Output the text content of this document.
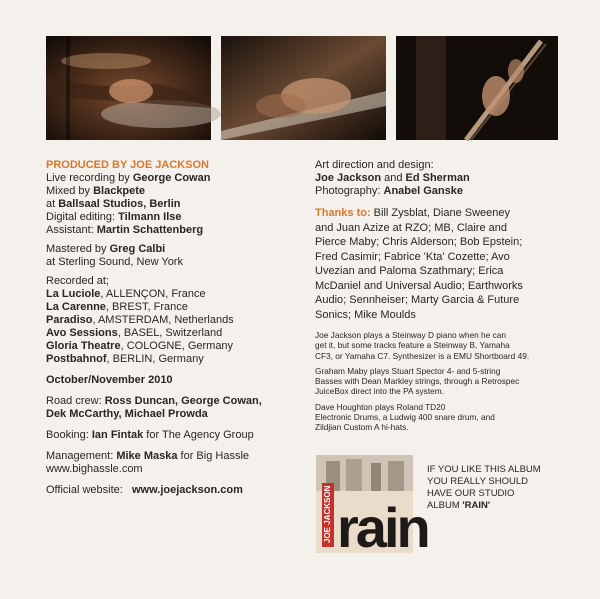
PRODUCED BY JOE JACKSON
Live recording by George Cowan
Mixed by Blackpete
at Ballsaal Studios, Berlin
Digital editing: Tilmann Ilse
Assistant: Martin Schattenberg
Mastered by Greg Calbi
at Sterling Sound, New York
Recorded at;
La Luciole, ALLENÇON, France
La Carenne, BREST, France
Paradiso, AMSTERDAM, Netherlands
Avo Sessions, BASEL, Switzerland
Gloria Theatre, COLOGNE, Germany
Postbahnof, BERLIN, Germany
October/November 2010
Road crew: Ross Duncan, George Cowan,
Dek McCarthy, Michael Prowda
Booking: Ian Fintak for The Agency Group
Management: Mike Maska for Big Hassle
www.bighassle.com
Official website:   www.joejackson.com
Art direction and design:
Joe Jackson and Ed Sherman
Photography: Anabel Ganske
Thanks to: Bill Zysblat, Diane Sweeney
and Juan Azize at RZO; MB, Claire and
Pierce Maby; Chris Alderson; Bob Epstein;
Fred Casimir; Fabrice 'Kta' Cozette; Avo
Uvezian and Paloma Szathmary; Erica
McDaniel and Universal Audio; Earthworks
Audio; Sennheiser; Marty Garcia & Future
Sonics; Mike Moulds
Joe Jackson plays a Steinway D piano when he can
get it, but some tracks feature a Steinway B, Yamaha
CF3, or Yamaha C7. Synthesizer is a EMU Shortboard 49.
Graham Maby plays Stuart Spector 4- and 5-string
Basses with Dean Markley strings, through a Retrospec
JuiceBox direct into the PA system.
Dave Houghton plays Roland TD20
Electronic Drums, a Ludwig 400 snare drum, and
Zildjian Custom A hi-hats.
JOE JACKSON rain
IF YOU LIKE THIS ALBUM
YOU REALLY SHOULD
HAVE OUR STUDIO
ALBUM 'RAIN'
